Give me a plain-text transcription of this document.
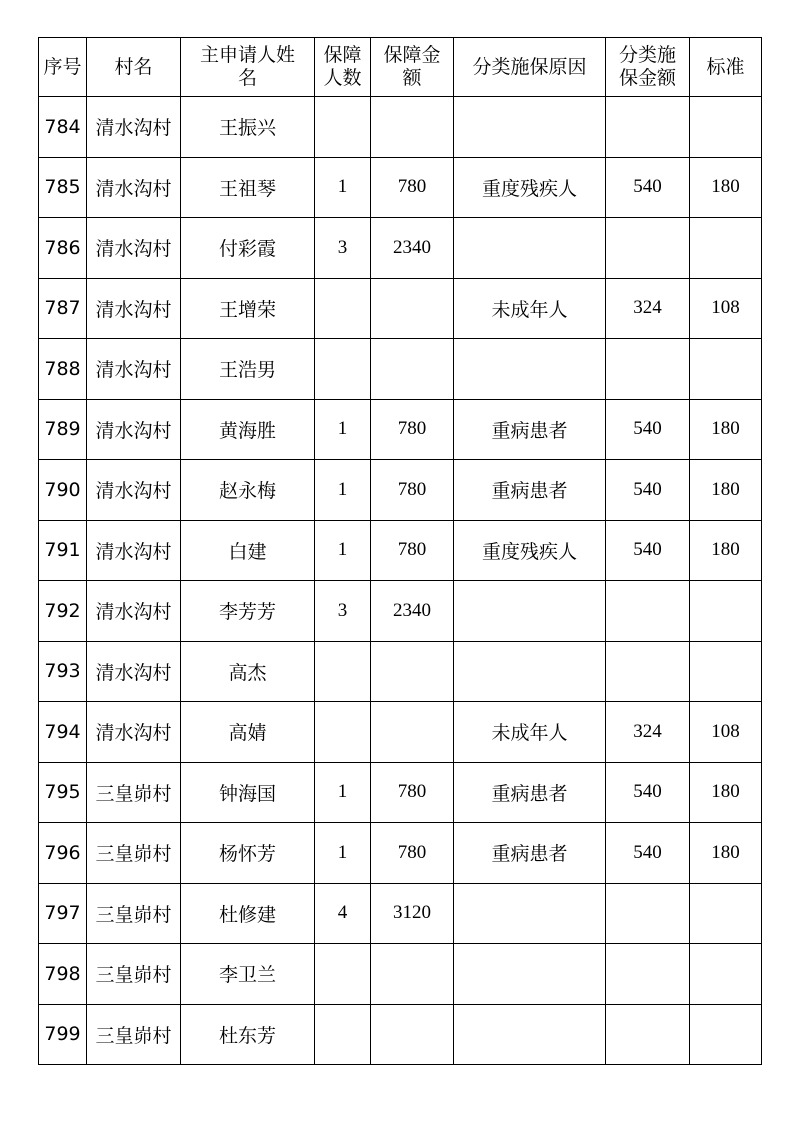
序号	村名	主申请人姓名	保障人数	保障金额	分类施保原因	分类施保金额	标准
784	清水沟村	王振兴					
785	清水沟村	王祖琴	1	780	重度残疾人	540	180
786	清水沟村	付彩霞	3	2340			
787	清水沟村	王增荣			未成年人	324	108
788	清水沟村	王浩男					
789	清水沟村	黄海胜	1	780	重病患者	540	180
790	清水沟村	赵永梅	1	780	重病患者	540	180
791	清水沟村	白建	1	780	重度残疾人	540	180
792	清水沟村	李芳芳	3	2340			
793	清水沟村	高杰					
794	清水沟村	高婧			未成年人	324	108
795	三皇峁村	钟海国	1	780	重病患者	540	180
796	三皇峁村	杨怀芳	1	780	重病患者	540	180
797	三皇峁村	杜修建	4	3120			
798	三皇峁村	李卫兰					
799	三皇峁村	杜东芳					
